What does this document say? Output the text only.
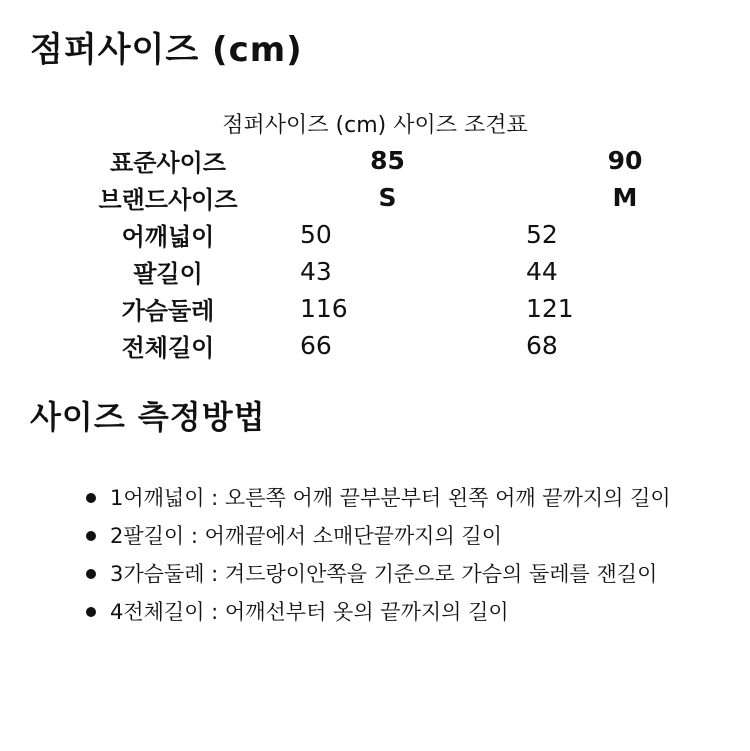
점퍼사이즈 (cm)

점퍼사이즈 (cm) 사이즈 조견표

표준사이즈	85	90
브랜드사이즈	S	M
어깨넓이	50	52
팔길이	43	44
가슴둘레	116	121
전체길이	66	68
사이즈 측정방법
1어깨넓이 : 오른쪽 어깨 끝부분부터 왼쪽 어깨 끝까지의 길이
2팔길이 : 어깨끝에서 소매단끝까지의 길이
3가슴둘레 : 겨드랑이안쪽을 기준으로 가슴의 둘레를 잰길이
4전체길이 : 어깨선부터 옷의 끝까지의 길이
